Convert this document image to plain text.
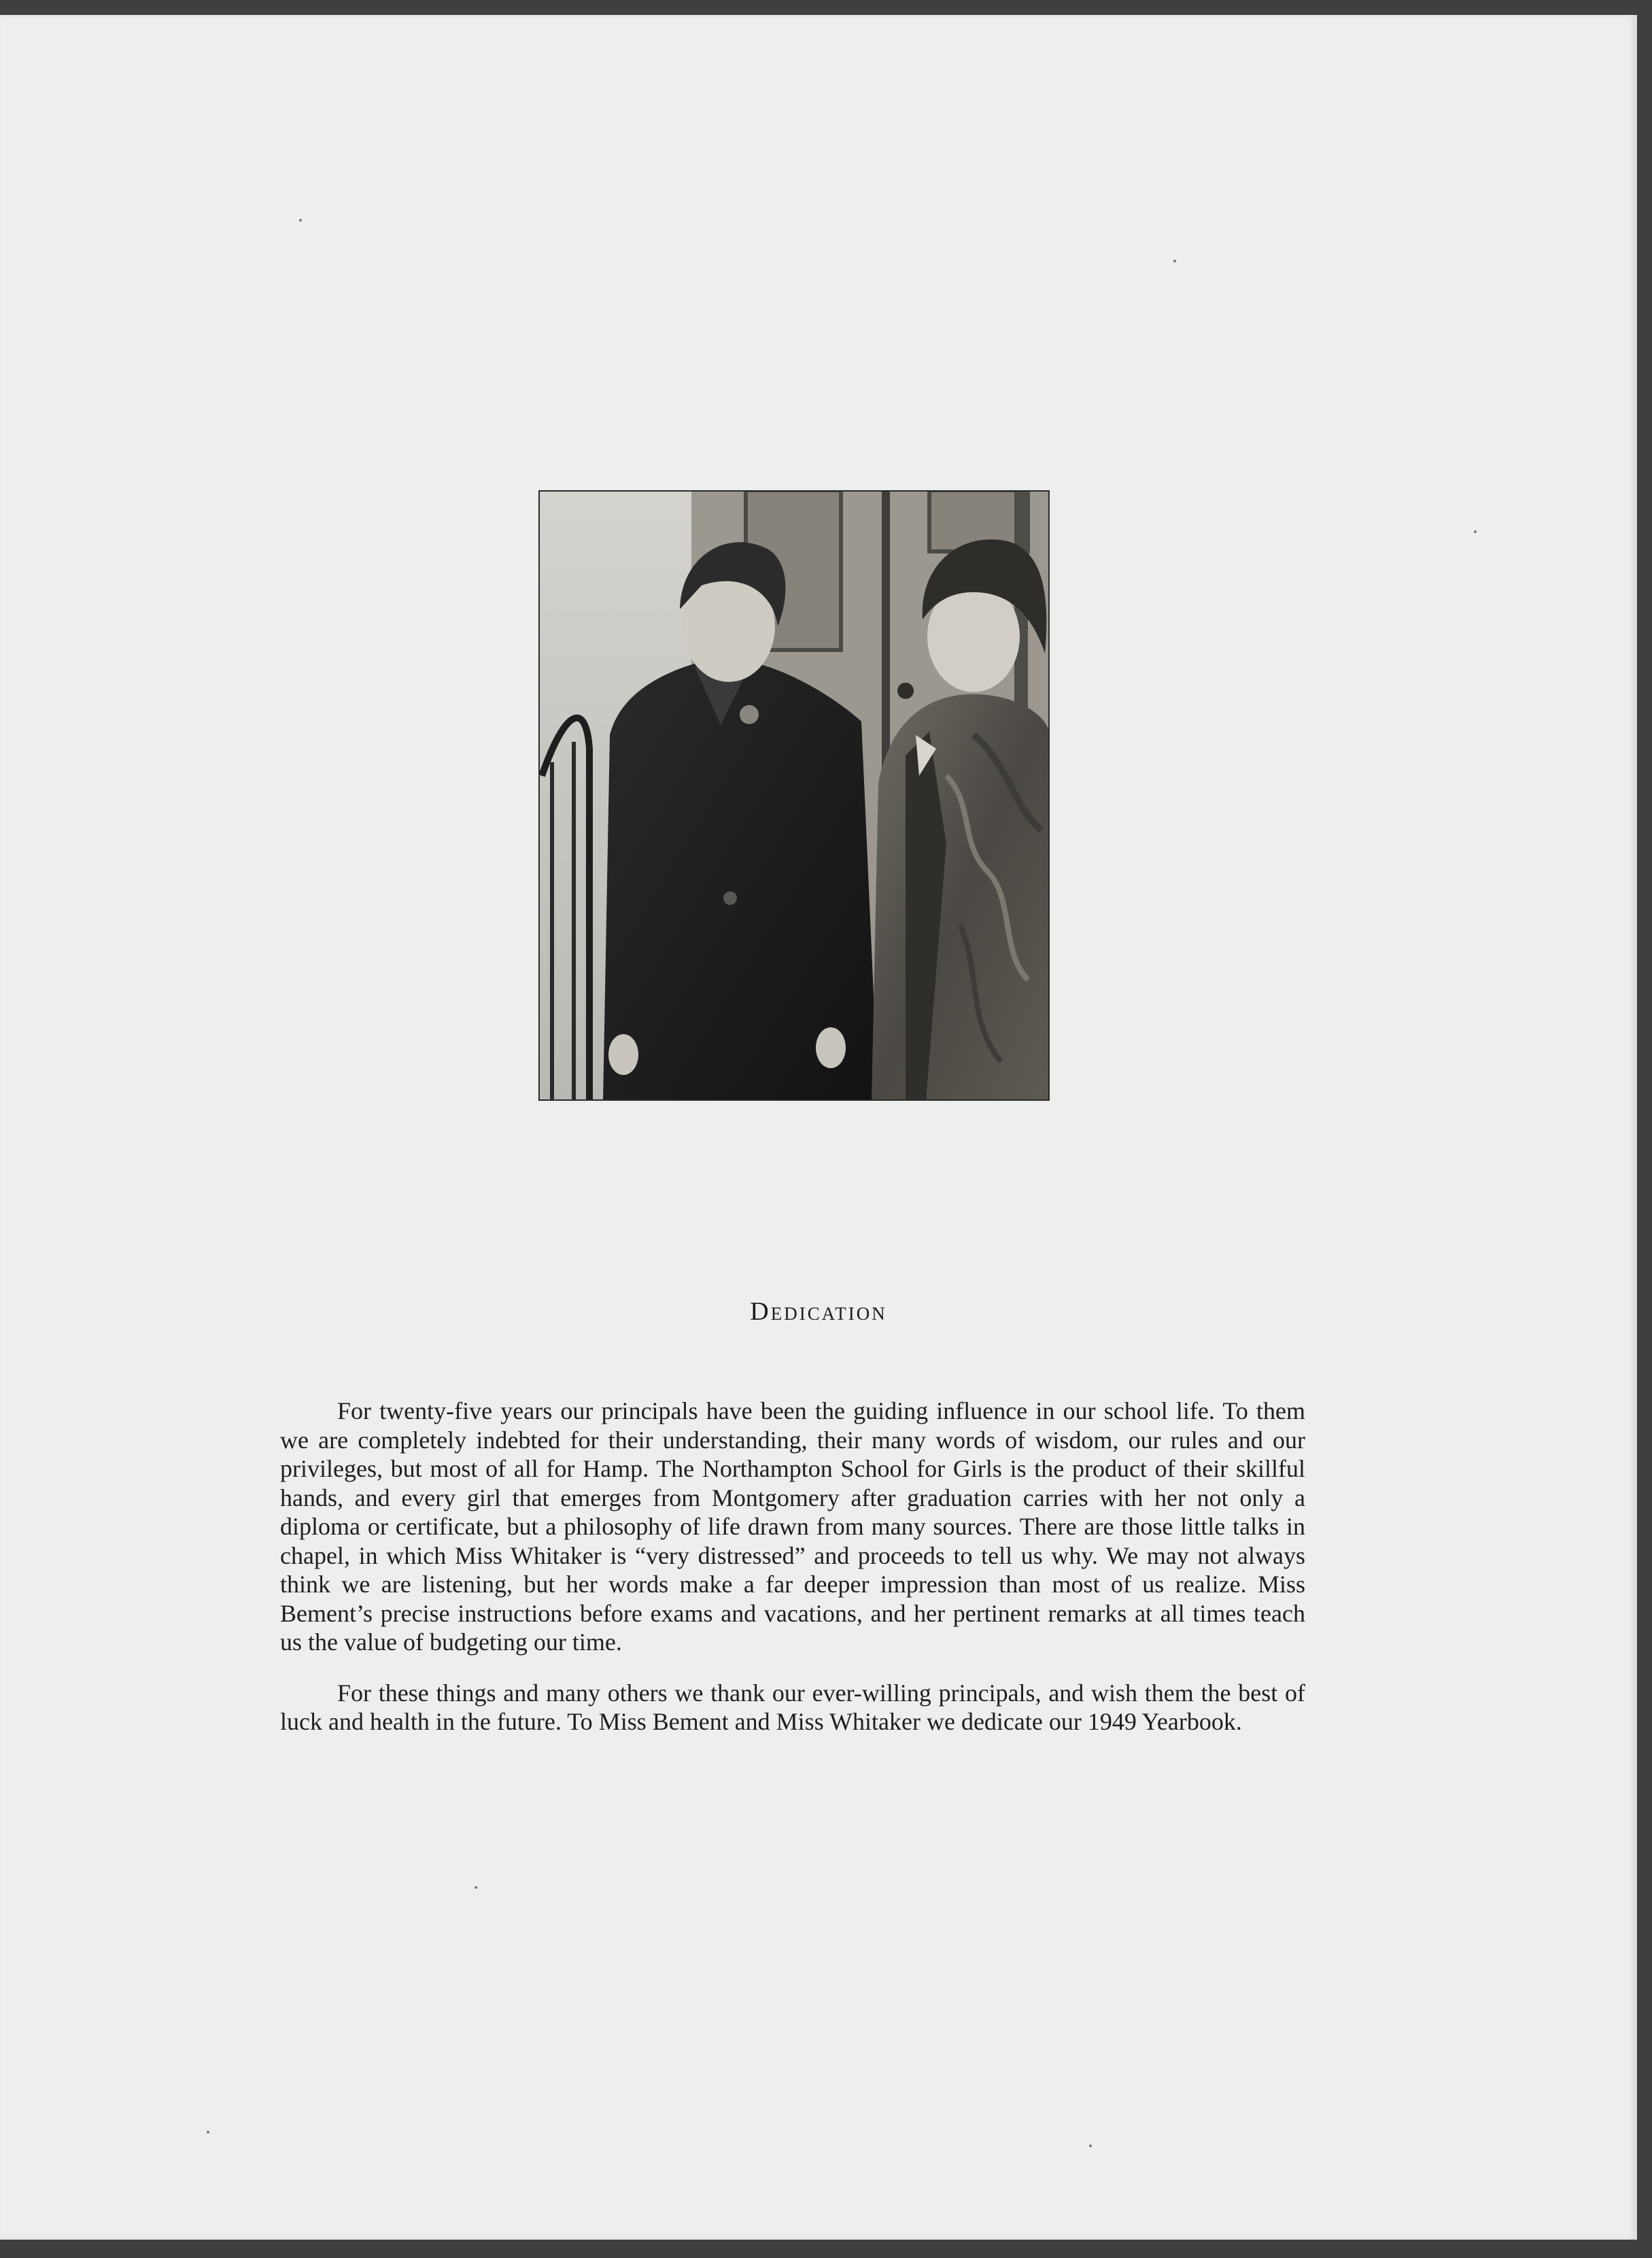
Dedication

For twenty-five years our principals have been the guiding influence in our school life. To them we are completely indebted for their understanding, their many words of wisdom, our rules and our privileges, but most of all for Hamp. The Northampton School for Girls is the product of their skillful hands, and every girl that emerges from Montgomery after graduation carries with her not only a diploma or certificate, but a philosophy of life drawn from many sources. There are those little talks in chapel, in which Miss Whitaker is “very distressed” and proceeds to tell us why. We may not always think we are listening, but her words make a far deeper impression than most of us realize. Miss Bement’s precise instructions before exams and vacations, and her pertinent remarks at all times teach us the value of budgeting our time.

For these things and many others we thank our ever-willing principals, and wish them the best of luck and health in the future. To Miss Bement and Miss Whitaker we dedicate our 1949 Yearbook.
